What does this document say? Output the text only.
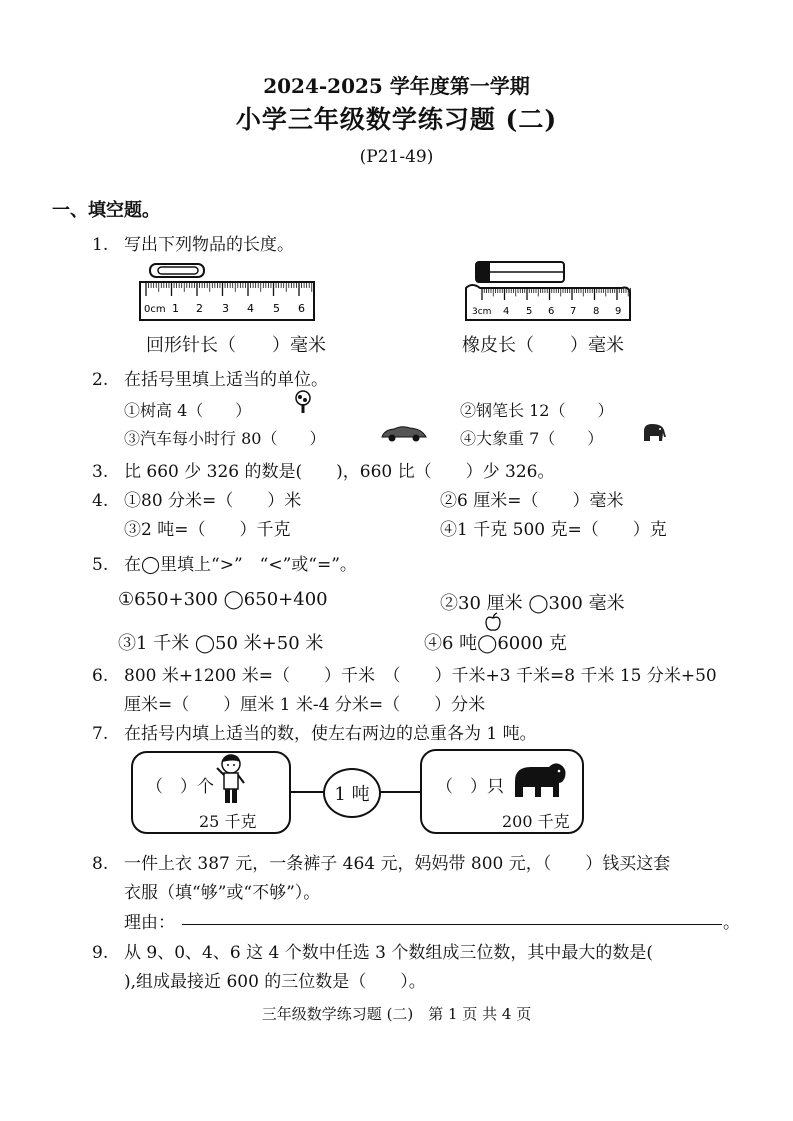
2024-2025 学年度第一学期
小学三年级数学练习题 (二)
(P21-49)
一、填空题。
1. 写出下列物品的长度。
0cm 1 2 3 4 5 6	3cm 4 5 6 7 8 9
回形针长（　　）毫米	橡皮长（　　）毫米
2. 在括号里填上适当的单位。
①树高 4（　　）	②钢笔长 12（　　）
③汽车每小时行 80（　　）	④大象重 7（　　）
3. 比 660 少 326 的数是(　　)，660 比（　　）少 326。
4. ①80 分米=（　　）米	②6 厘米=（　　）毫米
③2 吨=（　　）千克	④1 千克 500 克=（　　）克
5. 在◯里填上“>”　“<”或“=”。
①650+300 ◯650+400	②30 厘米 ◯300 毫米
③1 千米 ◯50 米+50 米	④6 吨◯6000 克
6. 800 米+1200 米=（　　）千米　（　　）千米+3 千米=8 千米 15 分米+50
厘米=（　　）厘米 1 米-4 分米=（　　）分米
7. 在括号内填上适当的数，使左右两边的总重各为 1 吨。
（　）个
25 千克
1 吨	（　）只
200 千克
8. 一件上衣 387 元，一条裤子 464 元，妈妈带 800 元，（　　）钱买这套
衣服（填“够”或“不够”）。
理由：	。
9. 从 9、0、4、6 这 4 个数中任选 3 个数组成三位数，其中最大的数是(
),组成最接近 600 的三位数是（　　）。
三年级数学练习题 (二)　第 1 页 共 4 页
